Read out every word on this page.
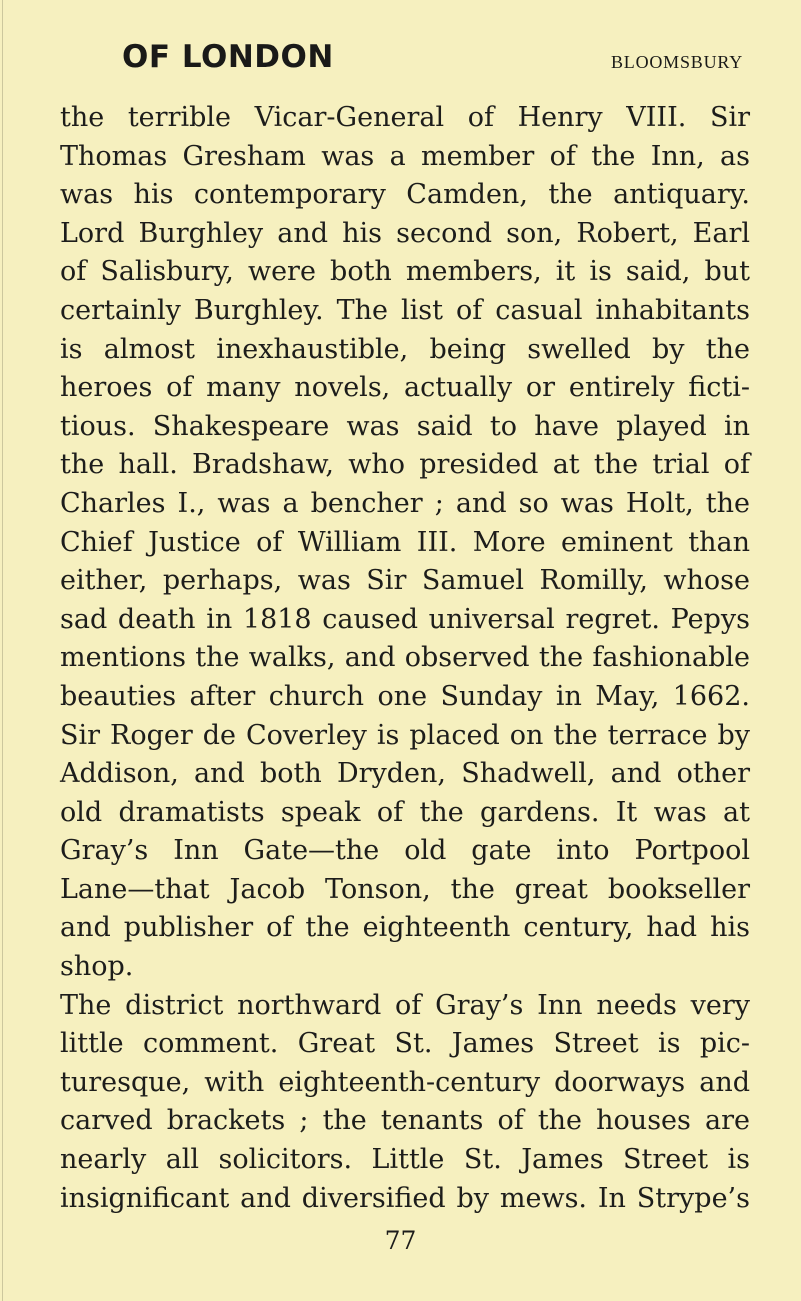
OF LONDON	BLOOMSBURY
the terrible Vicar-General of Henry VIII. Sir
Thomas Gresham was a member of the Inn, as
was his contemporary Camden, the antiquary.
Lord Burghley and his second son, Robert, Earl
of Salisbury, were both members, it is said, but
certainly Burghley. The list of casual inhabitants
is almost inexhaustible, being swelled by the
heroes of many novels, actually or entirely ficti-
tious. Shakespeare was said to have played in
the hall. Bradshaw, who presided at the trial of
Charles I., was a bencher ; and so was Holt, the
Chief Justice of William III. More eminent than
either, perhaps, was Sir Samuel Romilly, whose
sad death in 1818 caused universal regret. Pepys
mentions the walks, and observed the fashionable
beauties after church one Sunday in May, 1662.
Sir Roger de Coverley is placed on the terrace by
Addison, and both Dryden, Shadwell, and other
old dramatists speak of the gardens. It was at
Gray’s Inn Gate—the old gate into Portpool
Lane—that Jacob Tonson, the great bookseller
and publisher of the eighteenth century, had his
shop.
The district northward of Gray’s Inn needs very
little comment. Great St. James Street is pic-
turesque, with eighteenth-century doorways and
carved brackets ; the tenants of the houses are
nearly all solicitors. Little St. James Street is
insignificant and diversified by mews. In Strype’s
77
